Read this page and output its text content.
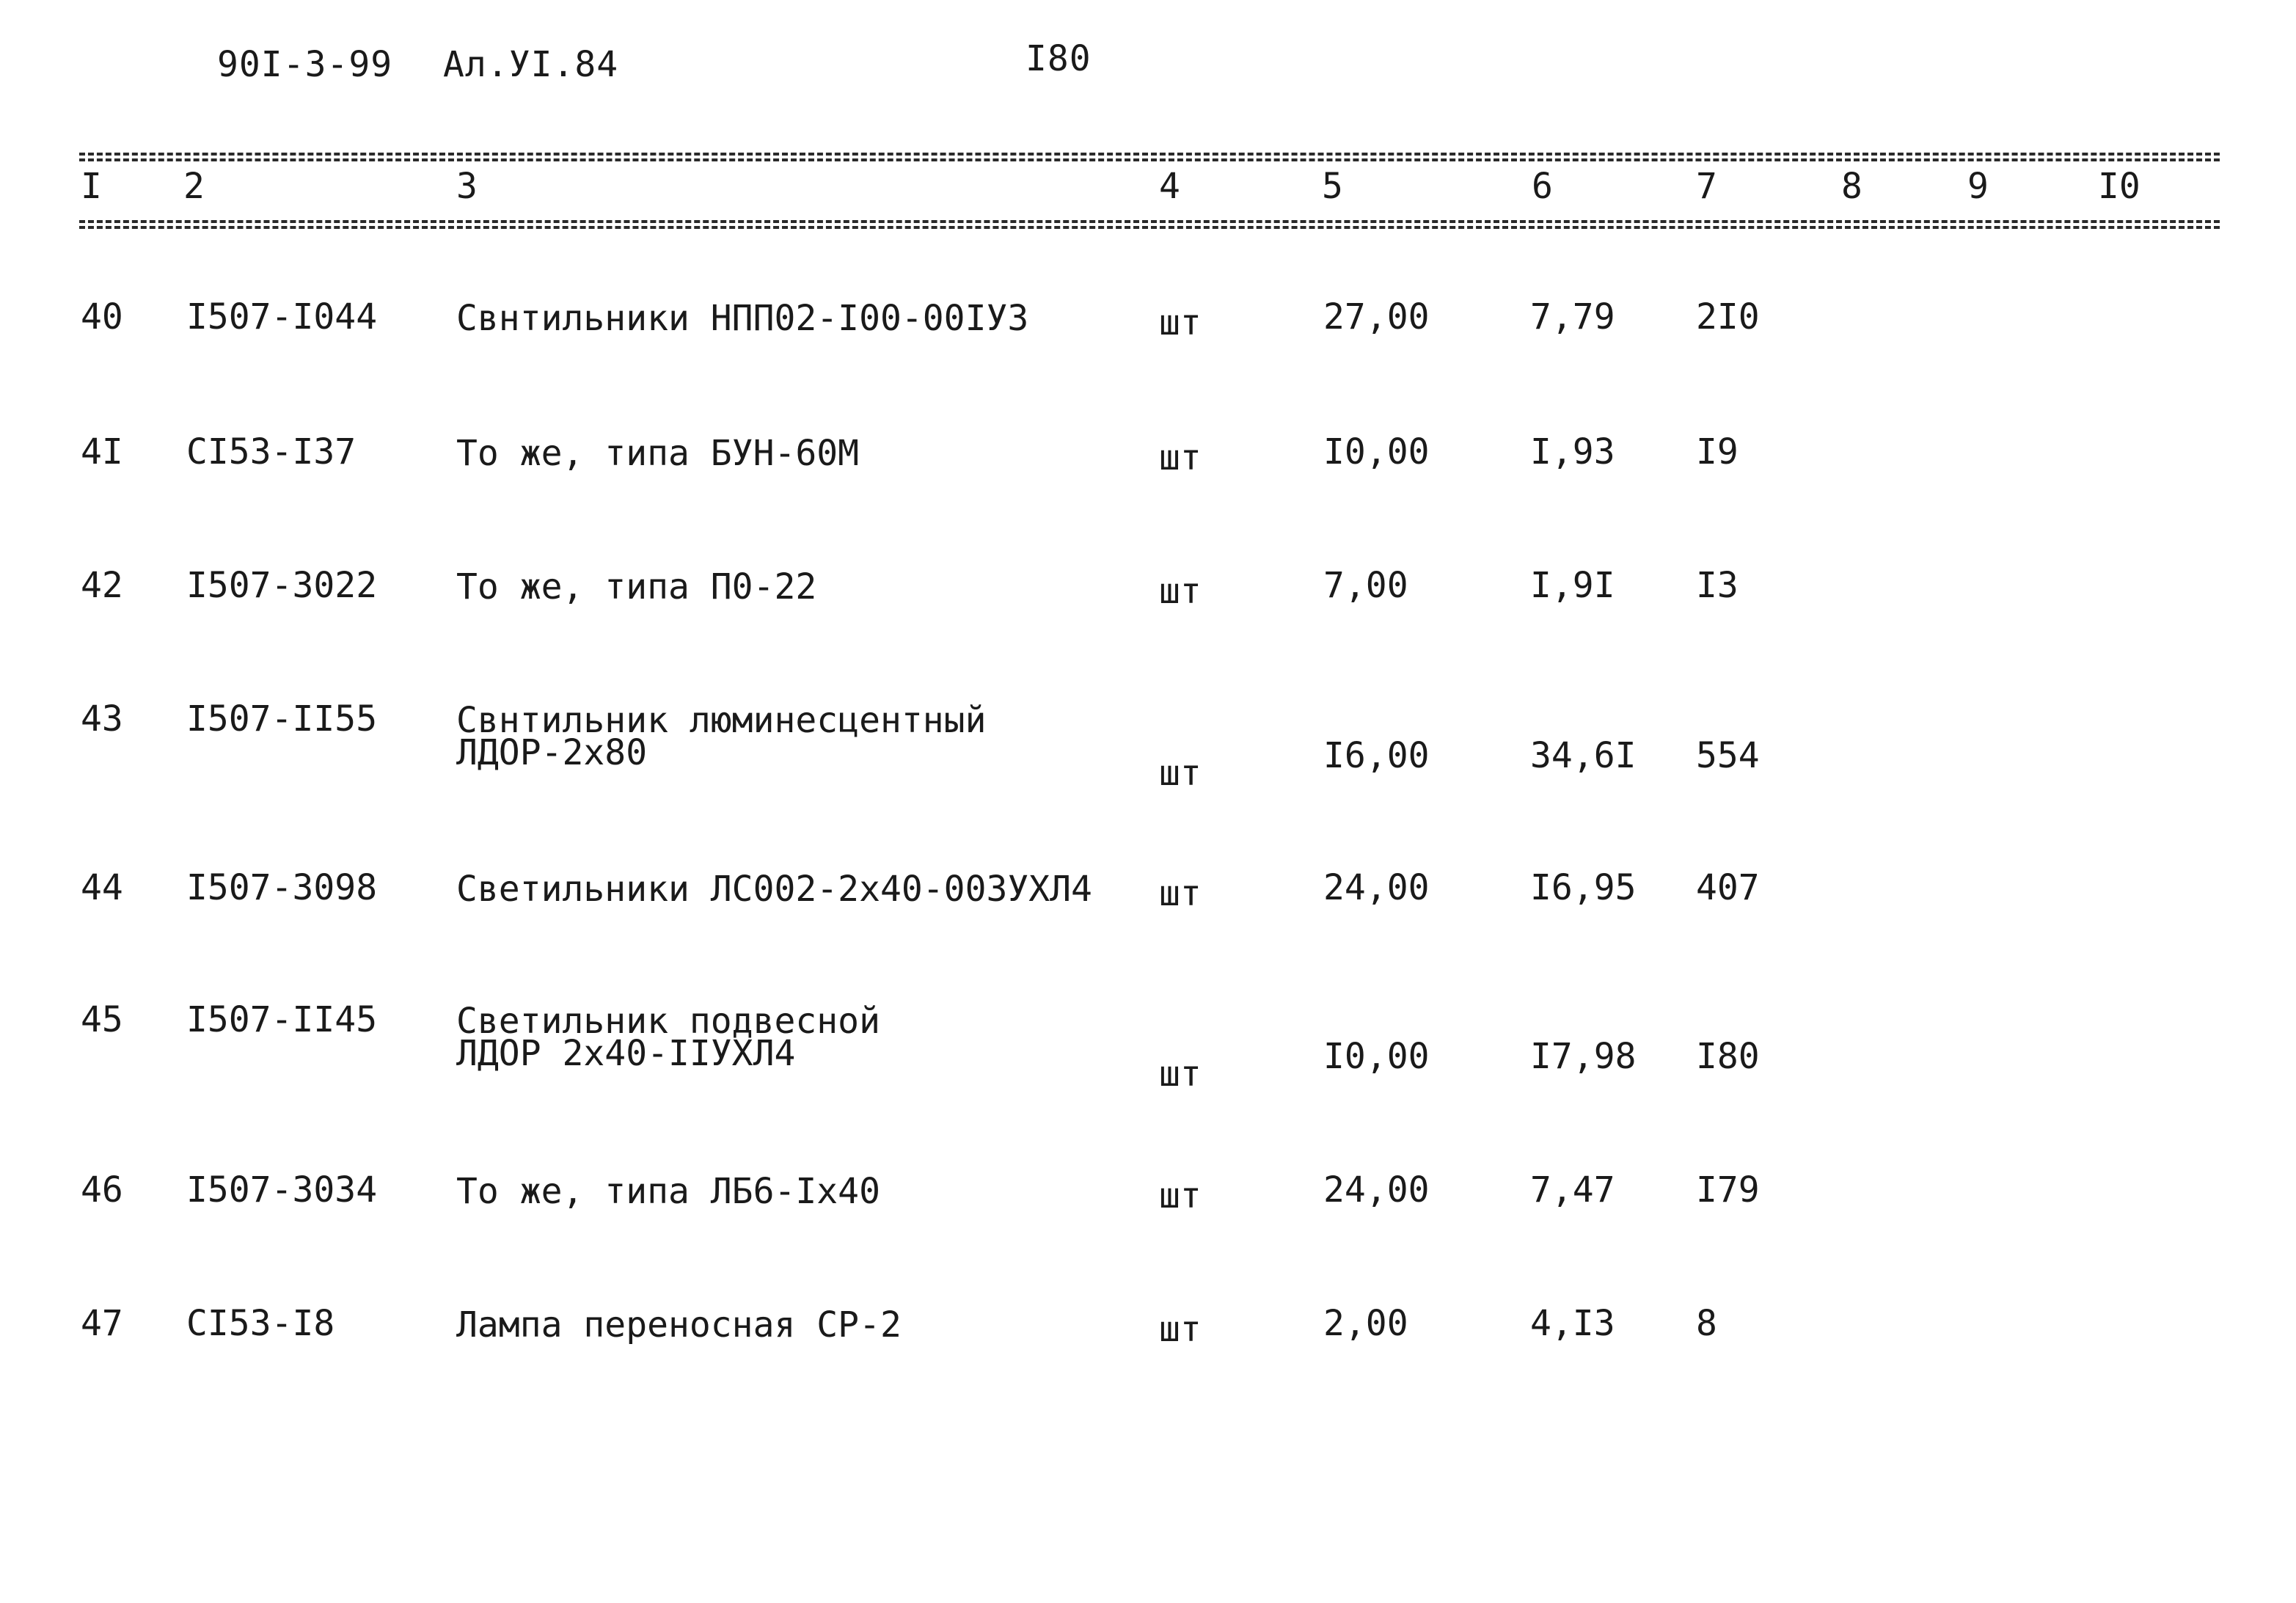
90I-3-99 Ал.УI.84	I80
I 2	3	4	5	6	7	8	9	I0
40 I507-I044 Свнтильники НПП02-I00-00IУ3	шт	27,00	7,79 2I0
4I CI53-I37	То же, типа БУН-60М	шт	I0,00	I,93 I9
42 I507-3022 То же, типа П0-22	шт	7,00	I,9I I3
43 I507-II55 Свнтильник люминесцентный
ЛДОР-2х80	шт	I6,00	34,6I 554
44 I507-3098 Светильники ЛС002-2х40-003УХЛ4 шт	24,00	I6,95 407
45 I507-II45 Светильник подвесной
ЛДОР 2х40-IIУХЛ4	шт	I0,00	I7,98 I80
46 I507-3034 То же, типа ЛБ6-Iх40	шт	24,00	7,47 I79
47 CI53-I8	Лампа переносная СР-2	шт	2,00	4,I3 8
